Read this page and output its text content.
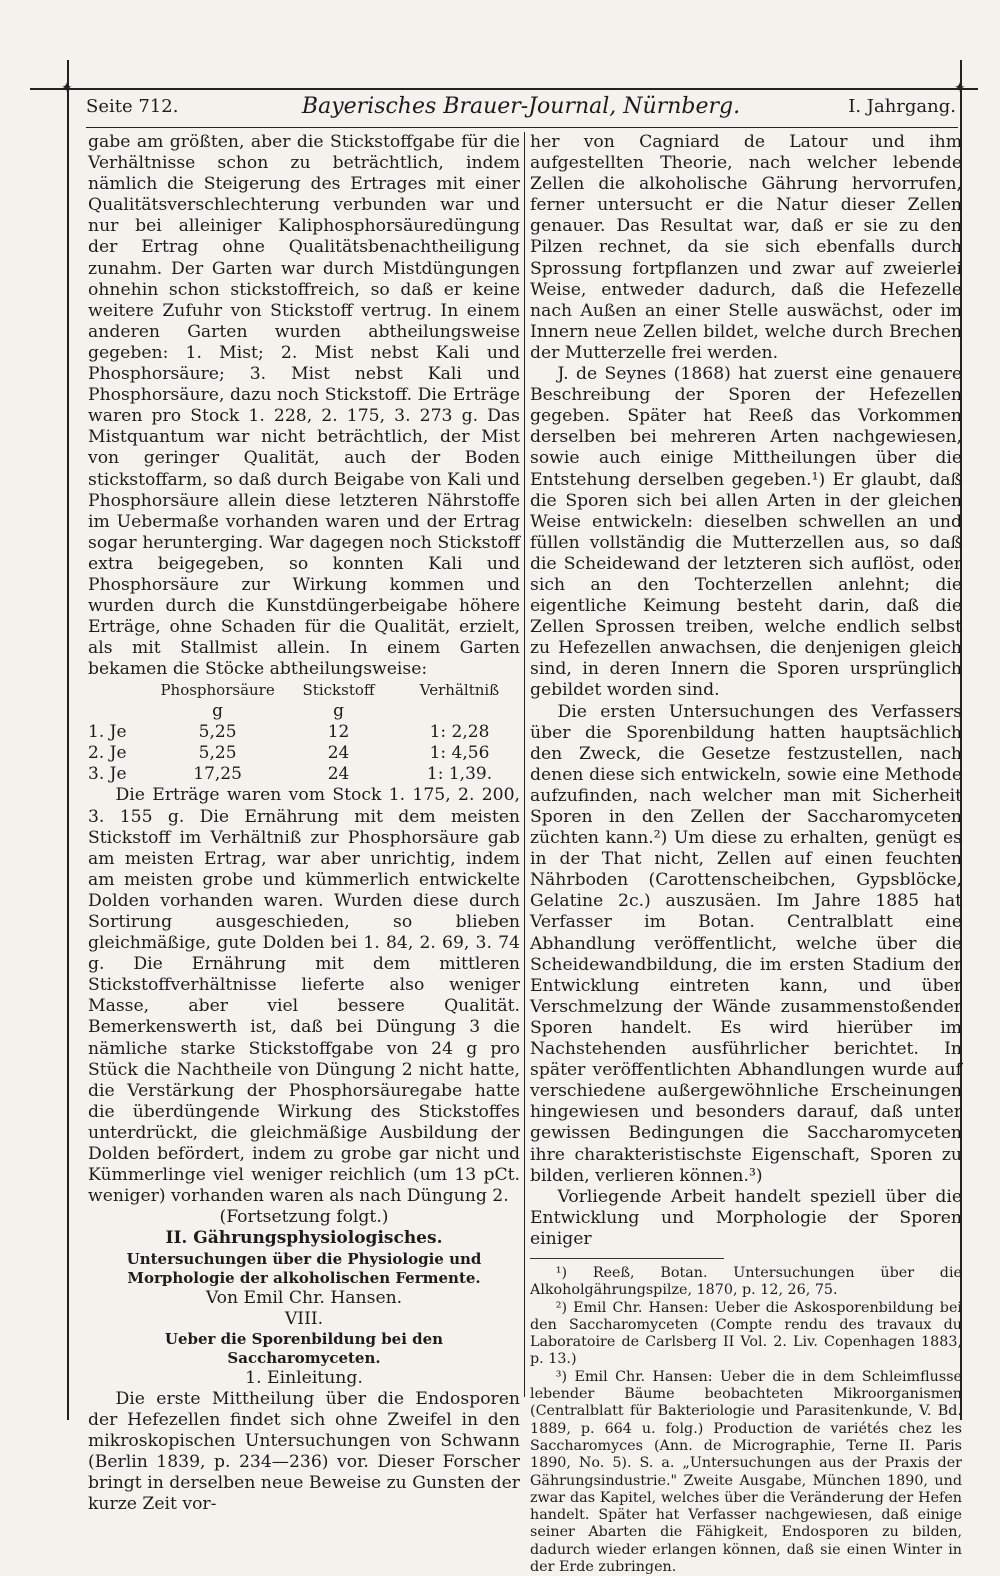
✦	✦
Seite 712.	Bayerisches Brauer-Journal, Nürnberg.	I. Jahrgang.

gabe am größten, aber die Stickstoffgabe für die Verhältnisse schon zu beträchtlich, indem nämlich die Steigerung des Ertrages mit einer Qualitätsverschlechterung verbunden war und nur bei alleiniger Kaliphosphorsäuredüngung der Ertrag ohne Qualitätsbenachtheiligung zunahm. Der Garten war durch Mistdüngungen ohnehin schon stickstoffreich, so daß er keine weitere Zufuhr von Stickstoff vertrug. In einem anderen Garten wurden abtheilungsweise gegeben: 1. Mist; 2. Mist nebst Kali und Phosphorsäure; 3. Mist nebst Kali und Phosphorsäure, dazu noch Stickstoff. Die Erträge waren pro Stock 1. 228, 2. 175, 3. 273 g. Das Mistquantum war nicht beträchtlich, der Mist von geringer Qualität, auch der Boden stickstoffarm, so daß durch Beigabe von Kali und Phosphorsäure allein diese letzteren Nährstoffe im Uebermaße vorhanden waren und der Ertrag sogar herunterging. War dagegen noch Stickstoff extra beigegeben, so konnten Kali und Phosphorsäure zur Wirkung kommen und wurden durch die Kunstdüngerbeigabe höhere Erträge, ohne Schaden für die Qualität, erzielt, als mit Stallmist allein. In einem Garten bekamen die Stöcke abtheilungsweise:

	Phosphorsäure	Stickstoff	Verhältniß
	g	g	
1. Je	5,25	12	1: 2,28
2. Je	5,25	24	1: 4,56
3. Je	17,25	24	1: 1,39.

Die Erträge waren vom Stock 1. 175, 2. 200, 3. 155 g. Die Ernährung mit dem meisten Stickstoff im Verhältniß zur Phosphorsäure gab am meisten Ertrag, war aber unrichtig, indem am meisten grobe und kümmerlich entwickelte Dolden vorhanden waren. Wurden diese durch Sortirung ausgeschieden, so blieben gleichmäßige, gute Dolden bei 1. 84, 2. 69, 3. 74 g. Die Ernährung mit dem mittleren Stickstoffverhältnisse lieferte also weniger Masse, aber viel bessere Qualität. Bemerkenswerth ist, daß bei Düngung 3 die nämliche starke Stickstoffgabe von 24 g pro Stück die Nachtheile von Düngung 2 nicht hatte, die Verstärkung der Phosphorsäuregabe hatte die überdüngende Wirkung des Stickstoffes unterdrückt, die gleichmäßige Ausbildung der Dolden befördert, indem zu grobe gar nicht und Kümmerlinge viel weniger reichlich (um 13 pCt. weniger) vorhanden waren als nach Düngung 2.

(Fortsetzung folgt.)

II. Gährungsphysiologisches.

Untersuchungen über die Physiologie und Morphologie der alkoholischen Fermente.

Von Emil Chr. Hansen.

VIII.

Ueber die Sporenbildung bei den Saccharomyceten.

1. Einleitung.

Die erste Mittheilung über die Endosporen der Hefezellen findet sich ohne Zweifel in den mikroskopischen Untersuchungen von Schwann (Berlin 1839, p. 234—236) vor. Dieser Forscher bringt in derselben neue Beweise zu Gunsten der kurze Zeit vor-

her von Cagniard de Latour und ihm aufgestellten Theorie, nach welcher lebende Zellen die alkoholische Gährung hervorrufen, ferner untersucht er die Natur dieser Zellen genauer. Das Resultat war, daß er sie zu den Pilzen rechnet, da sie sich ebenfalls durch Sprossung fortpflanzen und zwar auf zweierlei Weise, entweder dadurch, daß die Hefezelle nach Außen an einer Stelle auswächst, oder im Innern neue Zellen bildet, welche durch Brechen der Mutterzelle frei werden.

J. de Seynes (1868) hat zuerst eine genauere Beschreibung der Sporen der Hefezellen gegeben. Später hat Reeß das Vorkommen derselben bei mehreren Arten nachgewiesen, sowie auch einige Mittheilungen über die Entstehung derselben gegeben.¹) Er glaubt, daß die Sporen sich bei allen Arten in der gleichen Weise entwickeln: dieselben schwellen an und füllen vollständig die Mutterzellen aus, so daß die Scheidewand der letzteren sich auflöst, oder sich an den Tochterzellen anlehnt; die eigentliche Keimung besteht darin, daß die Zellen Sprossen treiben, welche endlich selbst zu Hefezellen anwachsen, die denjenigen gleich sind, in deren Innern die Sporen ursprünglich gebildet worden sind.

Die ersten Untersuchungen des Verfassers über die Sporenbildung hatten hauptsächlich den Zweck, die Gesetze festzustellen, nach denen diese sich entwickeln, sowie eine Methode aufzufinden, nach welcher man mit Sicherheit Sporen in den Zellen der Saccharomyceten züchten kann.²) Um diese zu erhalten, genügt es in der That nicht, Zellen auf einen feuchten Nährboden (Carottenscheibchen, Gypsblöcke, Gelatine 2c.) auszusäen. Im Jahre 1885 hat Verfasser im Botan. Centralblatt eine Abhandlung veröffentlicht, welche über die Scheidewandbildung, die im ersten Stadium der Entwicklung eintreten kann, und über Verschmelzung der Wände zusammenstoßender Sporen handelt. Es wird hierüber im Nachstehenden ausführlicher berichtet. In später veröffentlichten Abhandlungen wurde auf verschiedene außergewöhnliche Erscheinungen hingewiesen und besonders darauf, daß unter gewissen Bedingungen die Saccharomyceten ihre charakteristischste Eigenschaft, Sporen zu bilden, verlieren können.³)

Vorliegende Arbeit handelt speziell über die Entwicklung und Morphologie der Sporen einiger

¹) Reeß, Botan. Untersuchungen über die Alkoholgährungspilze, 1870, p. 12, 26, 75.

²) Emil Chr. Hansen: Ueber die Askosporenbildung bei den Saccharomyceten (Compte rendu des travaux du Laboratoire de Carlsberg II Vol. 2. Liv. Copenhagen 1883, p. 13.)

³) Emil Chr. Hansen: Ueber die in dem Schleimflusse lebender Bäume beobachteten Mikroorganismen (Centralblatt für Bakteriologie und Parasitenkunde, V. Bd. 1889, p. 664 u. folg.) Production de variétés chez les Saccharomyces (Ann. de Micrographie, Terne II. Paris 1890, No. 5). S. a. „Untersuchungen aus der Praxis der Gährungsindustrie." Zweite Ausgabe, München 1890, und zwar das Kapitel, welches über die Veränderung der Hefen handelt. Später hat Verfasser nachgewiesen, daß einige seiner Abarten die Fähigkeit, Endosporen zu bilden, dadurch wieder erlangen können, daß sie einen Winter in der Erde zubringen.
